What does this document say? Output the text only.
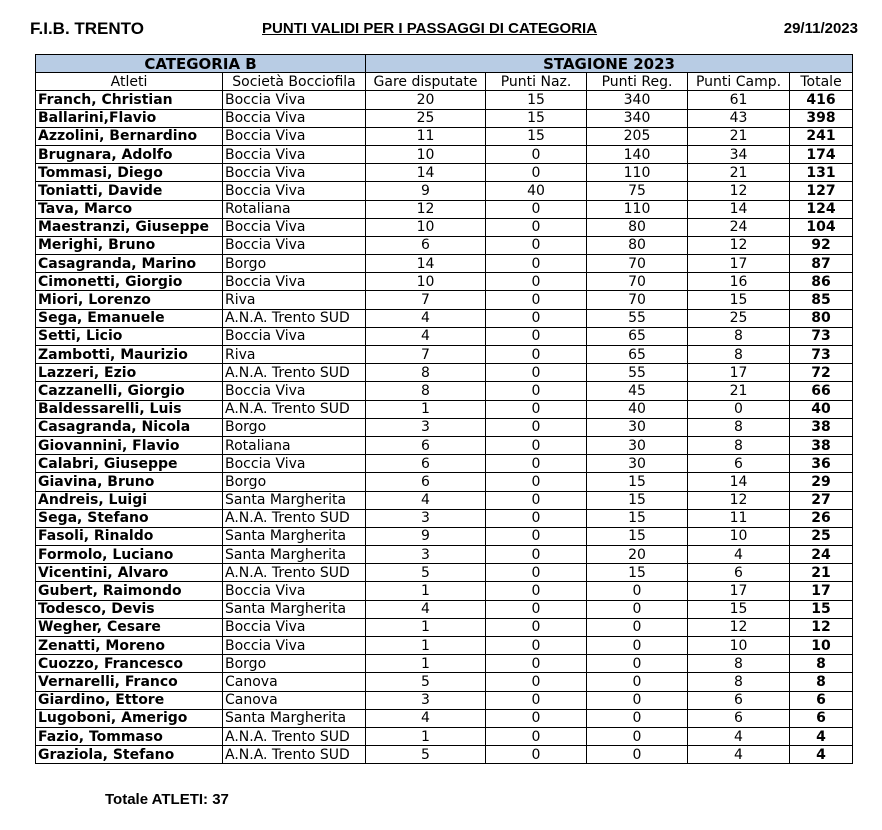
F.I.B. TRENTO	PUNTI VALIDI PER I PASSAGGI DI CATEGORIA	29/11/2023
CATEGORIA B		STAGIONE 2023				
Atleti	Società Bocciofila	Gare disputate	Punti Naz.	Punti Reg.	Punti Camp.	Totale
Franch, Christian	Boccia Viva	20	15	340	61	416
Ballarini,Flavio	Boccia Viva	25	15	340	43	398
Azzolini, Bernardino	Boccia Viva	11	15	205	21	241
Brugnara, Adolfo	Boccia Viva	10	0	140	34	174
Tommasi, Diego	Boccia Viva	14	0	110	21	131
Toniatti, Davide	Boccia Viva	9	40	75	12	127
Tava, Marco	Rotaliana	12	0	110	14	124
Maestranzi, Giuseppe	Boccia Viva	10	0	80	24	104
Merighi, Bruno	Boccia Viva	6	0	80	12	92
Casagranda, Marino	Borgo	14	0	70	17	87
Cimonetti, Giorgio	Boccia Viva	10	0	70	16	86
Miori, Lorenzo	Riva	7	0	70	15	85
Sega, Emanuele	A.N.A. Trento SUD	4	0	55	25	80
Setti, Licio	Boccia Viva	4	0	65	8	73
Zambotti, Maurizio	Riva	7	0	65	8	73
Lazzeri, Ezio	A.N.A. Trento SUD	8	0	55	17	72
Cazzanelli, Giorgio	Boccia Viva	8	0	45	21	66
Baldessarelli, Luis	A.N.A. Trento SUD	1	0	40	0	40
Casagranda, Nicola	Borgo	3	0	30	8	38
Giovannini, Flavio	Rotaliana	6	0	30	8	38
Calabri, Giuseppe	Boccia Viva	6	0	30	6	36
Giavina, Bruno	Borgo	6	0	15	14	29
Andreis, Luigi	Santa Margherita	4	0	15	12	27
Sega, Stefano	A.N.A. Trento SUD	3	0	15	11	26
Fasoli, Rinaldo	Santa Margherita	9	0	15	10	25
Formolo, Luciano	Santa Margherita	3	0	20	4	24
Vicentini, Alvaro	A.N.A. Trento SUD	5	0	15	6	21
Gubert, Raimondo	Boccia Viva	1	0	0	17	17
Todesco, Devis	Santa Margherita	4	0	0	15	15
Wegher, Cesare	Boccia Viva	1	0	0	12	12
Zenatti, Moreno	Boccia Viva	1	0	0	10	10
Cuozzo, Francesco	Borgo	1	0	0	8	8
Vernarelli, Franco	Canova	5	0	0	8	8
Giardino, Ettore	Canova	3	0	0	6	6
Lugoboni, Amerigo	Santa Margherita	4	0	0	6	6
Fazio, Tommaso	A.N.A. Trento SUD	1	0	0	4	4
Graziola, Stefano	A.N.A. Trento SUD	5	0	0	4	4
Totale ATLETI: 37
